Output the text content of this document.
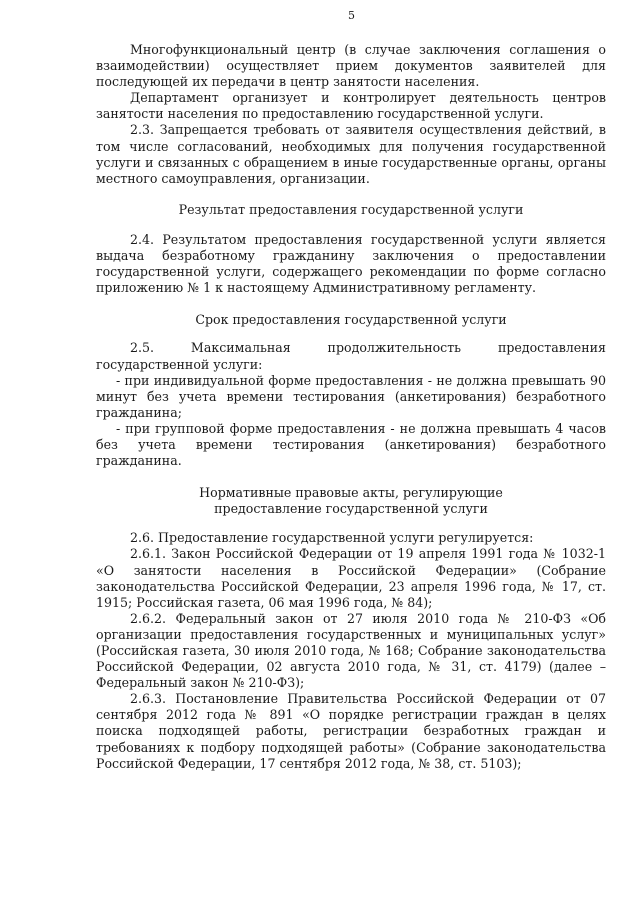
5

Многофункциональный центр (в случае заключения соглашения о взаимодействии) осуществляет прием документов заявителей для последующей их передачи в центр занятости населения.

Департамент организует и контролирует деятельность центров занятости населения по предоставлению государственной услуги.

2.3. Запрещается требовать от заявителя осуществления действий, в том числе согласований, необходимых для получения государственной услуги и связанных с обращением в иные государственные органы, органы местного самоуправления, организации.

Результат предоставления государственной услуги

2.4. Результатом предоставления государственной услуги является выдача безработному гражданину заключения о предоставлении государственной услуги, содержащего рекомендации по форме согласно приложению № 1 к настоящему Административному регламенту.

Срок предоставления государственной услуги

2.5. Максимальная продолжительность предоставления государственной услуги:

- при индивидуальной форме предоставления - не должна превышать 90 минут без учета времени тестирования (анкетирования) безработного гражданина;

- при групповой форме предоставления - не должна превышать 4 часов без учета времени тестирования (анкетирования) безработного гражданина.

Нормативные правовые акты, регулирующие
предоставление государственной услуги

2.6. Предоставление государственной услуги регулируется:

2.6.1. Закон Российской Федерации от 19 апреля 1991 года № 1032-1 «О занятости населения в Российской Федерации» (Собрание законодательства Российской Федерации, 23 апреля 1996 года, № 17, ст. 1915; Российская газета, 06 мая 1996 года, № 84);

2.6.2. Федеральный закон от 27 июля 2010 года № 210-ФЗ «Об организации предоставления государственных и муниципальных услуг» (Российская газета, 30 июля 2010 года, № 168; Собрание законодательства Российской Федерации, 02 августа 2010 года, № 31, ст. 4179) (далее – Федеральный закон № 210-ФЗ);

2.6.3. Постановление Правительства Российской Федерации от 07 сентября 2012 года № 891 «О порядке регистрации граждан в целях поиска подходящей работы, регистрации безработных граждан и требованиях к подбору подходящей работы» (Собрание законодательства Российской Федерации, 17 сентября 2012 года, № 38, ст. 5103);
